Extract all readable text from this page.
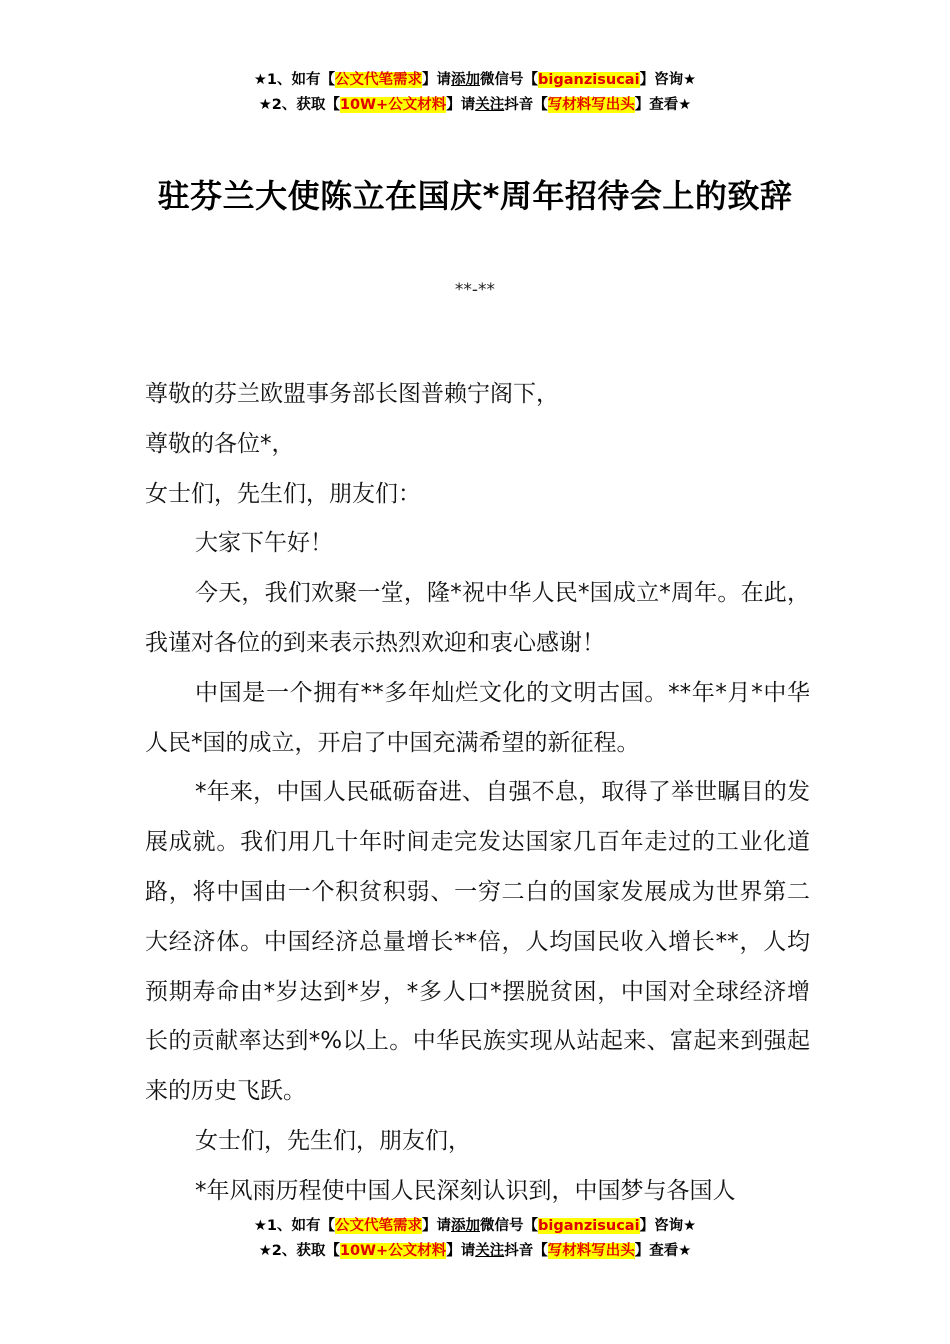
★1、如有【公文代笔需求】请添加微信号【biganzisucai】咨询★
★2、获取【10W+公文材料】请关注抖音【写材料写出头】查看★
驻芬兰大使陈立在国庆*周年招待会上的致辞
**-**

尊敬的芬兰欧盟事务部长图普赖宁阁下，

尊敬的各位*，

女士们，先生们，朋友们：

大家下午好！

今天，我们欢聚一堂，隆*祝中华人民*国成立*周年。在此，我谨对各位的到来表示热烈欢迎和衷心感谢！

中国是一个拥有**多年灿烂文化的文明古国。**年*月*中华人民*国的成立，开启了中国充满希望的新征程。

*年来，中国人民砥砺奋进、自强不息，取得了举世瞩目的发展成就。我们用几十年时间走完发达国家几百年走过的工业化道路，将中国由一个积贫积弱、一穷二白的国家发展成为世界第二大经济体。中国经济总量增长**倍，人均国民收入增长**，人均预期寿命由*岁达到*岁，*多人口*摆脱贫困，中国对全球经济增长的贡献率达到*%以上。中华民族实现从站起来、富起来到强起来的历史飞跃。

女士们，先生们，朋友们，

*年风雨历程使中国人民深刻认识到，中国梦与各国人

★1、如有【公文代笔需求】请添加微信号【biganzisucai】咨询★
★2、获取【10W+公文材料】请关注抖音【写材料写出头】查看★
